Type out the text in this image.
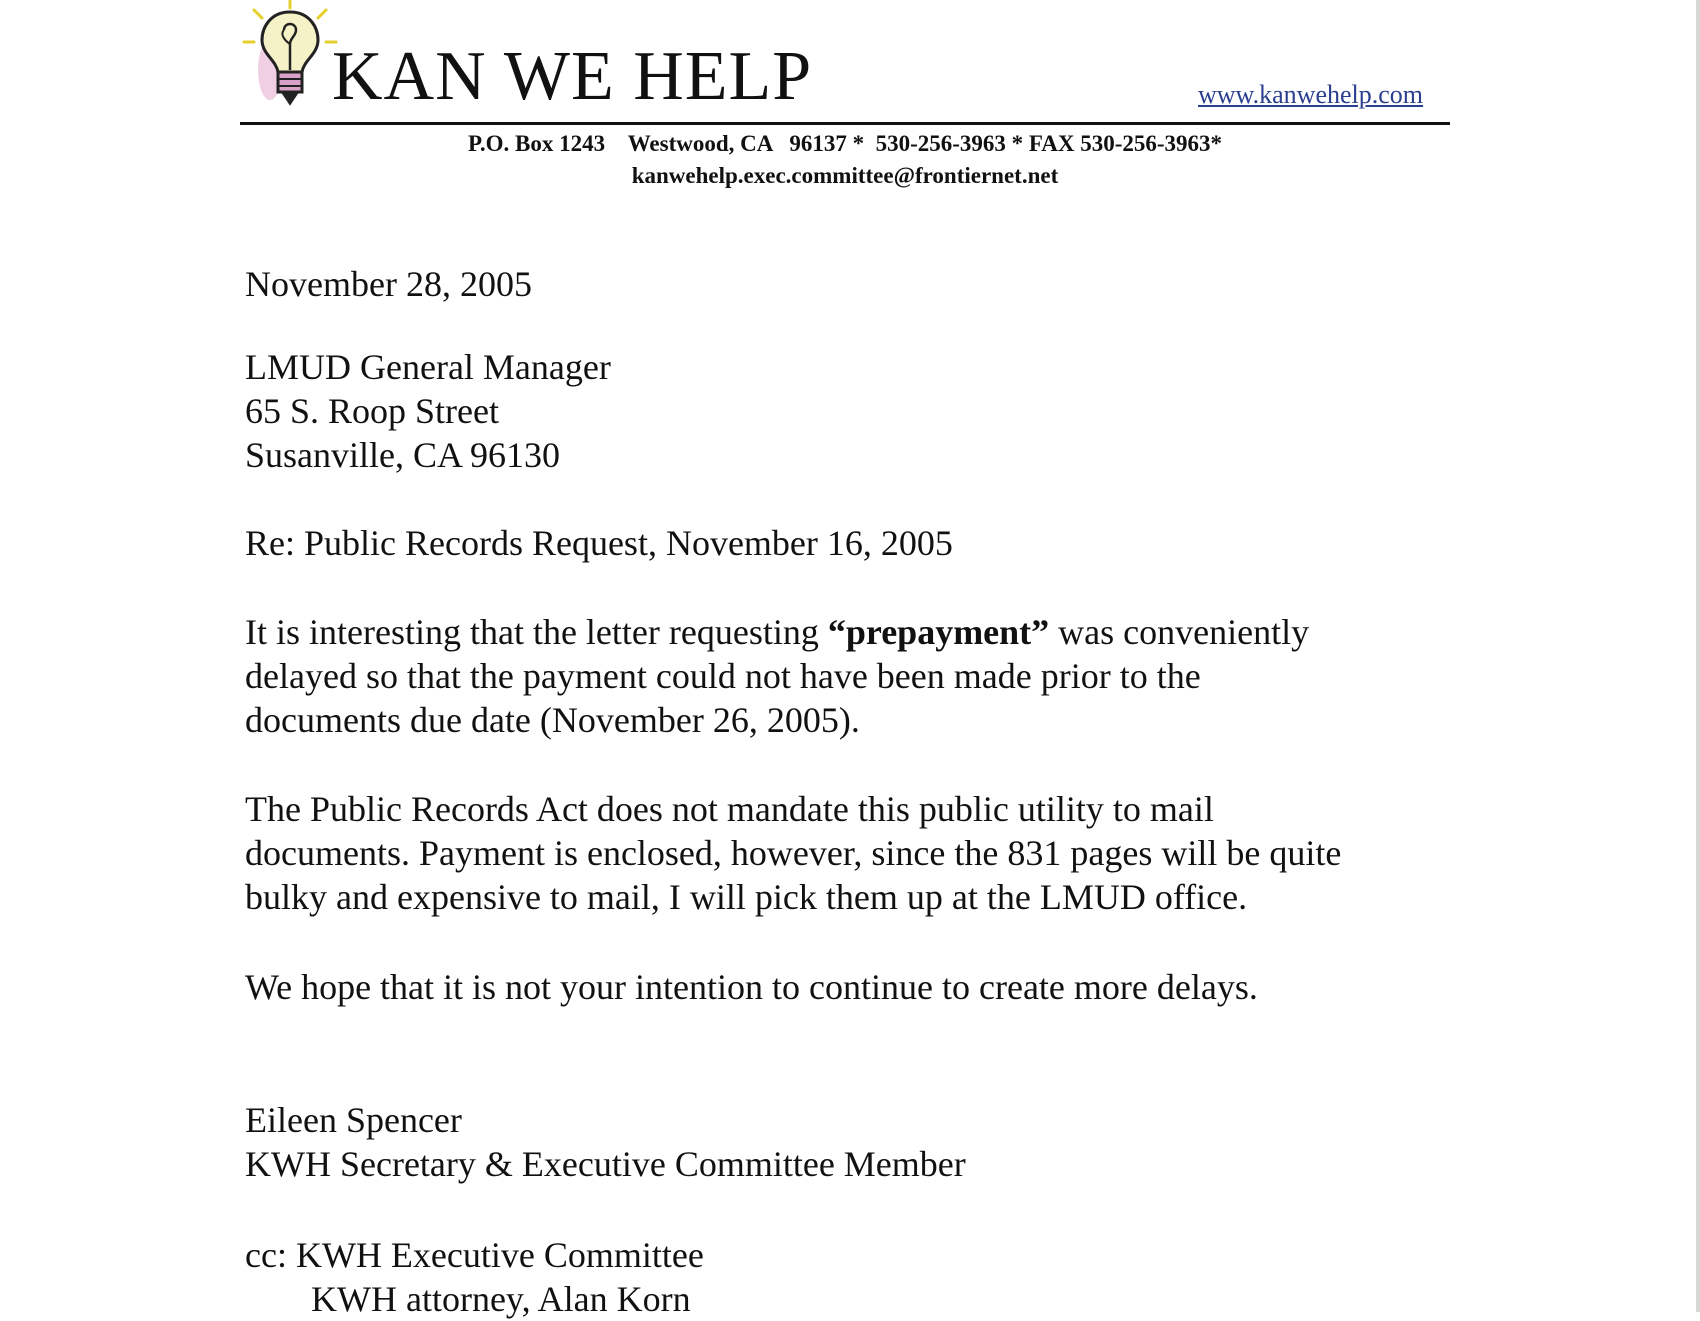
KAN WE HELP	www.kanwehelp.com
P.O. Box 1243    Westwood, CA   96137 *  530-256-3963 * FAX 530-256-3963*
kanwehelp.exec.committee@frontiernet.net
November 28, 2005
LMUD General Manager
65 S. Roop Street
Susanville, CA 96130
Re: Public Records Request, November 16, 2005
It is interesting that the letter requesting “prepayment” was conveniently
delayed so that the payment could not have been made prior to the
documents due date (November 26, 2005).
The Public Records Act does not mandate this public utility to mail
documents. Payment is enclosed, however, since the 831 pages will be quite
bulky and expensive to mail, I will pick them up at the LMUD office.
We hope that it is not your intention to continue to create more delays.
Eileen Spencer
KWH Secretary & Executive Committee Member
cc: KWH Executive Committee
KWH attorney, Alan Korn
